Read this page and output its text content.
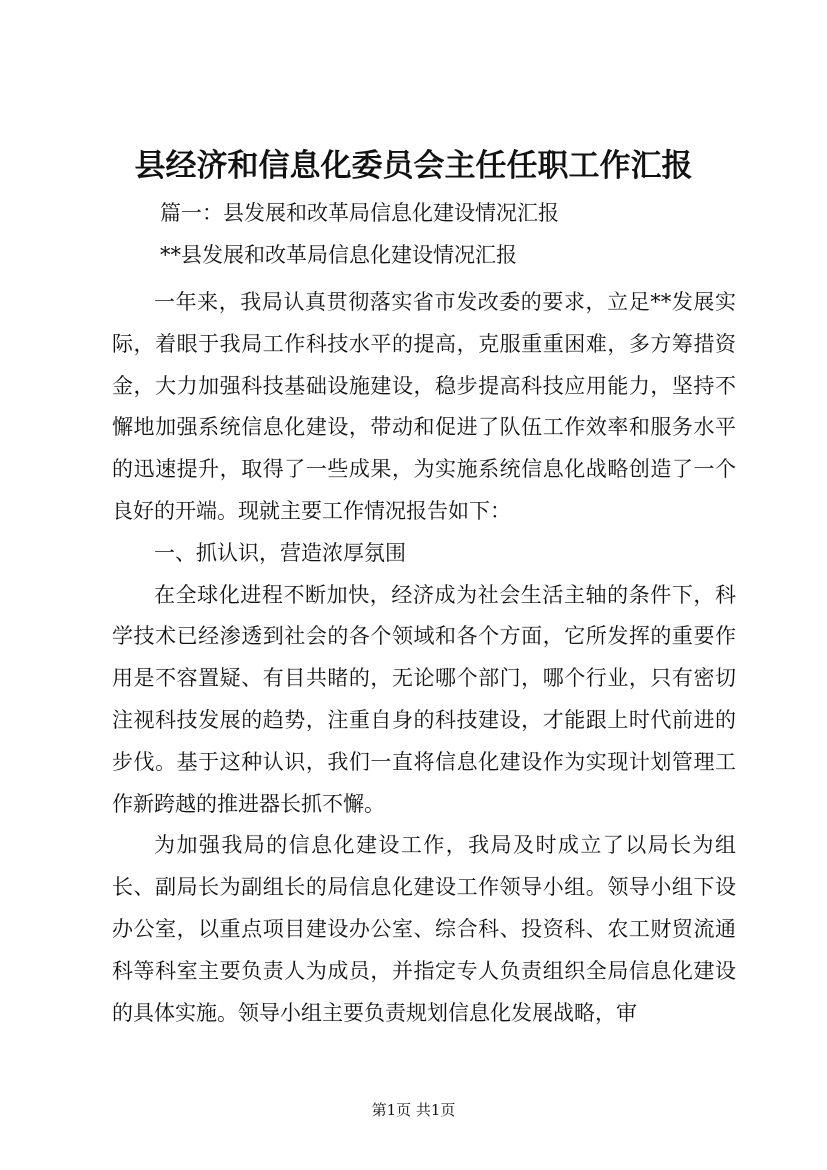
县经济和信息化委员会主任任职工作汇报
篇一：县发展和改革局信息化建设情况汇报
**县发展和改革局信息化建设情况汇报

一年来，我局认真贯彻落实省市发改委的要求，立足**发展实际，着眼于我局工作科技水平的提高，克服重重困难，多方筹措资金，大力加强科技基础设施建设，稳步提高科技应用能力，坚持不懈地加强系统信息化建设，带动和促进了队伍工作效率和服务水平的迅速提升，取得了一些成果，为实施系统信息化战略创造了一个良好的开端。现就主要工作情况报告如下：

一、抓认识，营造浓厚氛围

在全球化进程不断加快，经济成为社会生活主轴的条件下，科学技术已经渗透到社会的各个领域和各个方面，它所发挥的重要作用是不容置疑、有目共睹的，无论哪个部门，哪个行业，只有密切注视科技发展的趋势，注重自身的科技建设，才能跟上时代前进的步伐。基于这种认识，我们一直将信息化建设作为实现计划管理工作新跨越的推进器长抓不懈。

为加强我局的信息化建设工作，我局及时成立了以局长为组长、副局长为副组长的局信息化建设工作领导小组。领导小组下设办公室，以重点项目建设办公室、综合科、投资科、农工财贸流通科等科室主要负责人为成员，并指定专人负责组织全局信息化建设的具体实施。领导小组主要负责规划信息化发展战略，审

第1页 共1页
